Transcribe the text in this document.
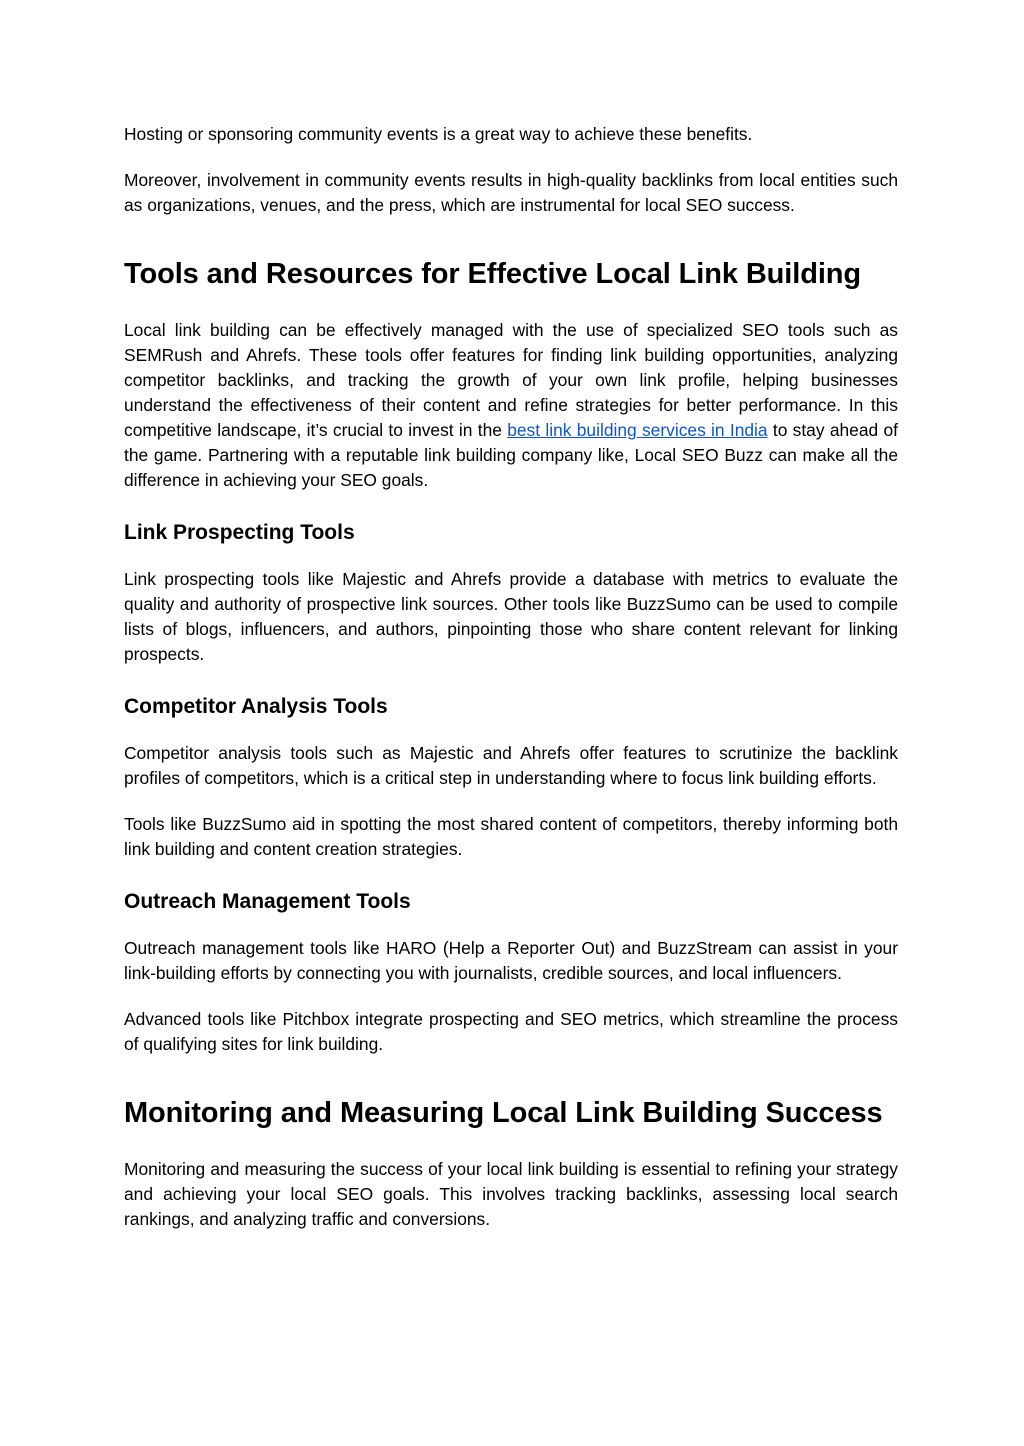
Hosting or sponsoring community events is a great way to achieve these benefits.

Moreover, involvement in community events results in high-quality backlinks from local entities such as organizations, venues, and the press, which are instrumental for local SEO success.

Tools and Resources for Effective Local Link Building

Local link building can be effectively managed with the use of specialized SEO tools such as SEMRush and Ahrefs. These tools offer features for finding link building opportunities, analyzing competitor backlinks, and tracking the growth of your own link profile, helping businesses understand the effectiveness of their content and refine strategies for better performance. In this competitive landscape, it’s crucial to invest in the best link building services in India to stay ahead of the game. Partnering with a reputable link building company like, Local SEO Buzz can make all the difference in achieving your SEO goals.

Link Prospecting Tools

Link prospecting tools like Majestic and Ahrefs provide a database with metrics to evaluate the quality and authority of prospective link sources. Other tools like BuzzSumo can be used to compile lists of blogs, influencers, and authors, pinpointing those who share content relevant for linking prospects.

Competitor Analysis Tools

Competitor analysis tools such as Majestic and Ahrefs offer features to scrutinize the backlink profiles of competitors, which is a critical step in understanding where to focus link building efforts.

Tools like BuzzSumo aid in spotting the most shared content of competitors, thereby informing both link building and content creation strategies.

Outreach Management Tools

Outreach management tools like HARO (Help a Reporter Out) and BuzzStream can assist in your link-building efforts by connecting you with journalists, credible sources, and local influencers.

Advanced tools like Pitchbox integrate prospecting and SEO metrics, which streamline the process of qualifying sites for link building.

Monitoring and Measuring Local Link Building Success

Monitoring and measuring the success of your local link building is essential to refining your strategy and achieving your local SEO goals. This involves tracking backlinks, assessing local search rankings, and analyzing traffic and conversions.
